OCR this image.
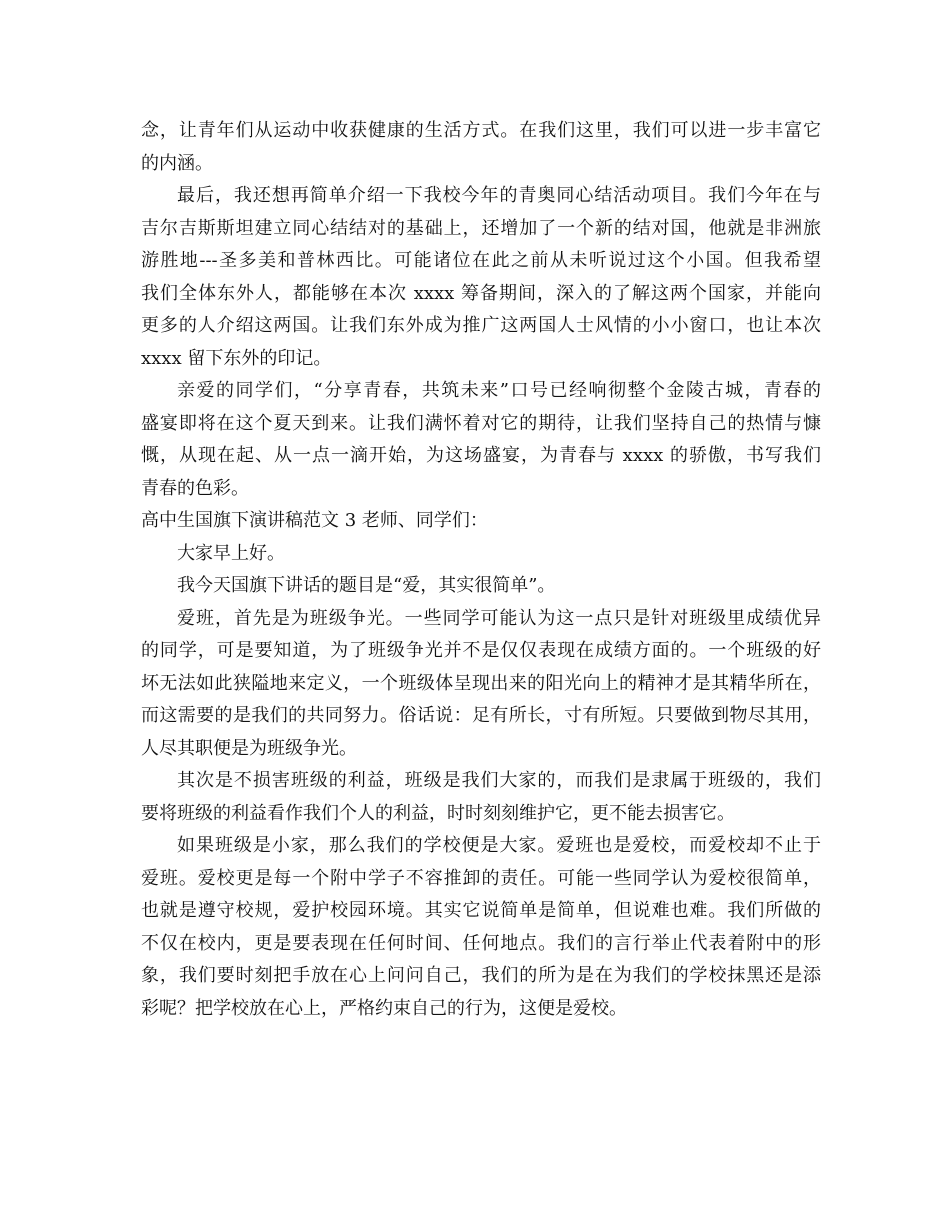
念，让青年们从运动中收获健康的生活方式。在我们这里，我们可以进一步丰富它
的内涵。
最后，我还想再简单介绍一下我校今年的青奥同心结活动项目。我们今年在与
吉尔吉斯斯坦建立同心结结对的基础上，还增加了一个新的结对国，他就是非洲旅
游胜地---圣多美和普林西比。可能诸位在此之前从未听说过这个小国。但我希望
我们全体东外人，都能够在本次 xxxx 筹备期间，深入的了解这两个国家，并能向
更多的人介绍这两国。让我们东外成为推广这两国人士风情的小小窗口，也让本次
xxxx 留下东外的印记。
亲爱的同学们，“分享青春，共筑未来”口号已经响彻整个金陵古城，青春的
盛宴即将在这个夏天到来。让我们满怀着对它的期待，让我们坚持自己的热情与慷
慨，从现在起、从一点一滴开始，为这场盛宴，为青春与 xxxx 的骄傲，书写我们
青春的色彩。
高中生国旗下演讲稿范文 3 老师、同学们：
大家早上好。
我今天国旗下讲话的题目是“爱，其实很简单”。
爱班，首先是为班级争光。一些同学可能认为这一点只是针对班级里成绩优异
的同学，可是要知道，为了班级争光并不是仅仅表现在成绩方面的。一个班级的好
坏无法如此狭隘地来定义，一个班级体呈现出来的阳光向上的精神才是其精华所在，
而这需要的是我们的共同努力。俗话说：足有所长，寸有所短。只要做到物尽其用，
人尽其职便是为班级争光。
其次是不损害班级的利益，班级是我们大家的，而我们是隶属于班级的，我们
要将班级的利益看作我们个人的利益，时时刻刻维护它，更不能去损害它。
如果班级是小家，那么我们的学校便是大家。爱班也是爱校，而爱校却不止于
爱班。爱校更是每一个附中学子不容推卸的责任。可能一些同学认为爱校很简单，
也就是遵守校规，爱护校园环境。其实它说简单是简单，但说难也难。我们所做的
不仅在校内，更是要表现在任何时间、任何地点。我们的言行举止代表着附中的形
象，我们要时刻把手放在心上问问自己，我们的所为是在为我们的学校抹黑还是添
彩呢？把学校放在心上，严格约束自己的行为，这便是爱校。
